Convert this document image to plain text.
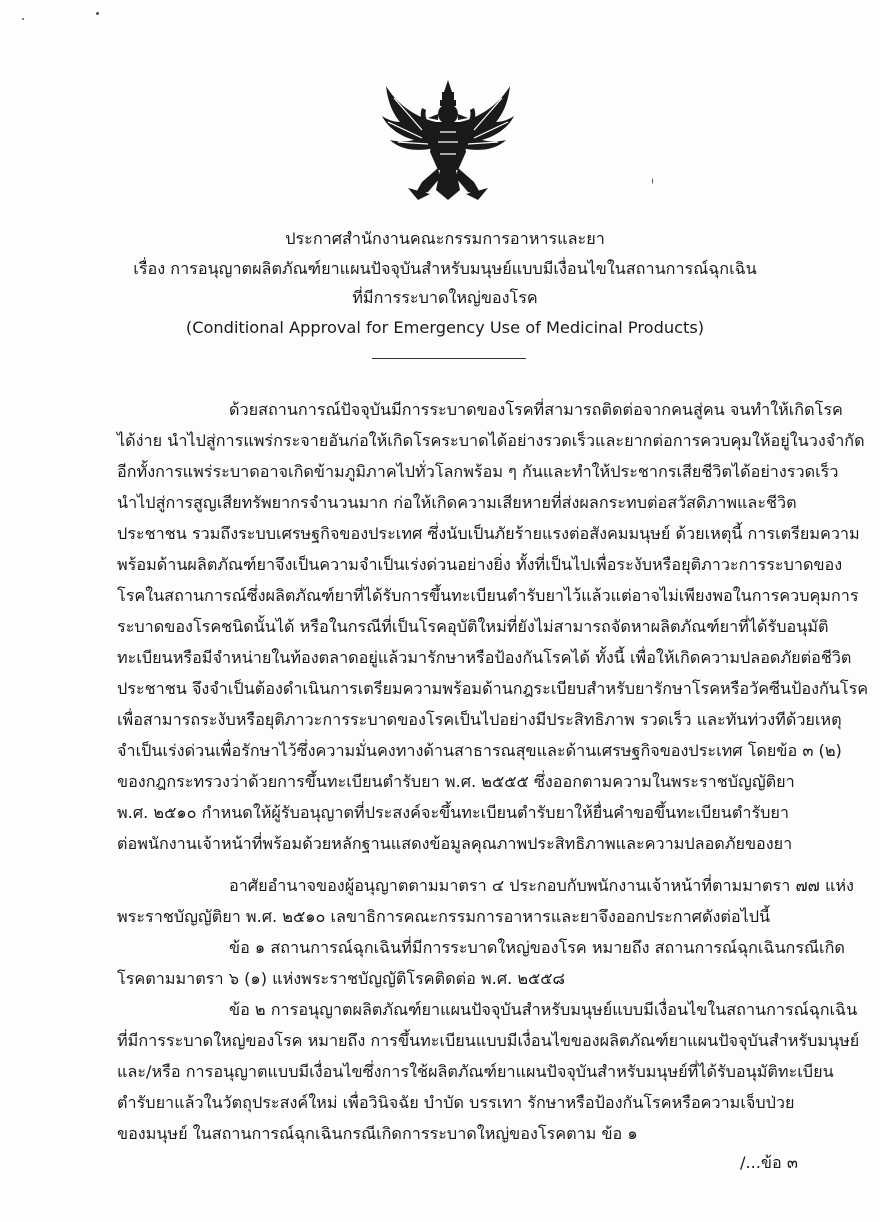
ประกาศสำนักงานคณะกรรมการอาหารและยา
เรื่อง การอนุญาตผลิตภัณฑ์ยาแผนปัจจุบันสำหรับมนุษย์แบบมีเงื่อนไขในสถานการณ์ฉุกเฉิน
ที่มีการระบาดใหญ่ของโรค
(Conditional Approval for Emergency Use of Medicinal Products)
ด้วยสถานการณ์ปัจจุบันมีการระบาดของโรคที่สามารถติดต่อจากคนสู่คน จนทำให้เกิดโรค
ได้ง่าย นำไปสู่การแพร่กระจายอันก่อให้เกิดโรคระบาดได้อย่างรวดเร็วและยากต่อการควบคุมให้อยู่ในวงจำกัด
อีกทั้งการแพร่ระบาดอาจเกิดข้ามภูมิภาคไปทั่วโลกพร้อม ๆ กันและทำให้ประชากรเสียชีวิตได้อย่างรวดเร็ว
นำไปสู่การสูญเสียทรัพยากรจำนวนมาก ก่อให้เกิดความเสียหายที่ส่งผลกระทบต่อสวัสดิภาพและชีวิต
ประชาชน รวมถึงระบบเศรษฐกิจของประเทศ ซึ่งนับเป็นภัยร้ายแรงต่อสังคมมนุษย์ ด้วยเหตุนี้ การเตรียมความ
พร้อมด้านผลิตภัณฑ์ยาจึงเป็นความจำเป็นเร่งด่วนอย่างยิ่ง ทั้งที่เป็นไปเพื่อระงับหรือยุติภาวะการระบาดของ
โรคในสถานการณ์ซึ่งผลิตภัณฑ์ยาที่ได้รับการขึ้นทะเบียนตำรับยาไว้แล้วแต่อาจไม่เพียงพอในการควบคุมการ
ระบาดของโรคชนิดนั้นได้ หรือในกรณีที่เป็นโรคอุบัติใหม่ที่ยังไม่สามารถจัดหาผลิตภัณฑ์ยาที่ได้รับอนุมัติ
ทะเบียนหรือมีจำหน่ายในท้องตลาดอยู่แล้วมารักษาหรือป้องกันโรคได้ ทั้งนี้ เพื่อให้เกิดความปลอดภัยต่อชีวิต
ประชาชน จึงจำเป็นต้องดำเนินการเตรียมความพร้อมด้านกฎระเบียบสำหรับยารักษาโรคหรือวัคซีนป้องกันโรค
เพื่อสามารถระงับหรือยุติภาวะการระบาดของโรคเป็นไปอย่างมีประสิทธิภาพ รวดเร็ว และทันท่วงทีด้วยเหตุ
จำเป็นเร่งด่วนเพื่อรักษาไว้ซึ่งความมั่นคงทางด้านสาธารณสุขและด้านเศรษฐกิจของประเทศ โดยข้อ ๓ (๒)
ของกฎกระทรวงว่าด้วยการขึ้นทะเบียนตำรับยา พ.ศ. ๒๕๕๕ ซึ่งออกตามความในพระราชบัญญัติยา
พ.ศ. ๒๕๑๐ กำหนดให้ผู้รับอนุญาตที่ประสงค์จะขึ้นทะเบียนตำรับยาให้ยื่นคำขอขึ้นทะเบียนตำรับยา
ต่อพนักงานเจ้าหน้าที่พร้อมด้วยหลักฐานแสดงข้อมูลคุณภาพประสิทธิภาพและความปลอดภัยของยา
อาศัยอำนาจของผู้อนุญาตตามมาตรา ๔ ประกอบกับพนักงานเจ้าหน้าที่ตามมาตรา ๗๗ แห่ง
พระราชบัญญัติยา พ.ศ. ๒๕๑๐ เลขาธิการคณะกรรมการอาหารและยาจึงออกประกาศดังต่อไปนี้
ข้อ ๑ สถานการณ์ฉุกเฉินที่มีการระบาดใหญ่ของโรค หมายถึง สถานการณ์ฉุกเฉินกรณีเกิด
โรคตามมาตรา ๖ (๑) แห่งพระราชบัญญัติโรคติดต่อ พ.ศ. ๒๕๕๘
ข้อ ๒ การอนุญาตผลิตภัณฑ์ยาแผนปัจจุบันสำหรับมนุษย์แบบมีเงื่อนไขในสถานการณ์ฉุกเฉิน
ที่มีการระบาดใหญ่ของโรค หมายถึง การขึ้นทะเบียนแบบมีเงื่อนไขของผลิตภัณฑ์ยาแผนปัจจุบันสำหรับมนุษย์
และ/หรือ การอนุญาตแบบมีเงื่อนไขซึ่งการใช้ผลิตภัณฑ์ยาแผนปัจจุบันสำหรับมนุษย์ที่ได้รับอนุมัติทะเบียน
ตำรับยาแล้วในวัตถุประสงค์ใหม่ เพื่อวินิจฉัย บำบัด บรรเทา รักษาหรือป้องกันโรคหรือความเจ็บป่วย
ของมนุษย์ ในสถานการณ์ฉุกเฉินกรณีเกิดการระบาดใหญ่ของโรคตาม ข้อ ๑
/...ข้อ ๓
